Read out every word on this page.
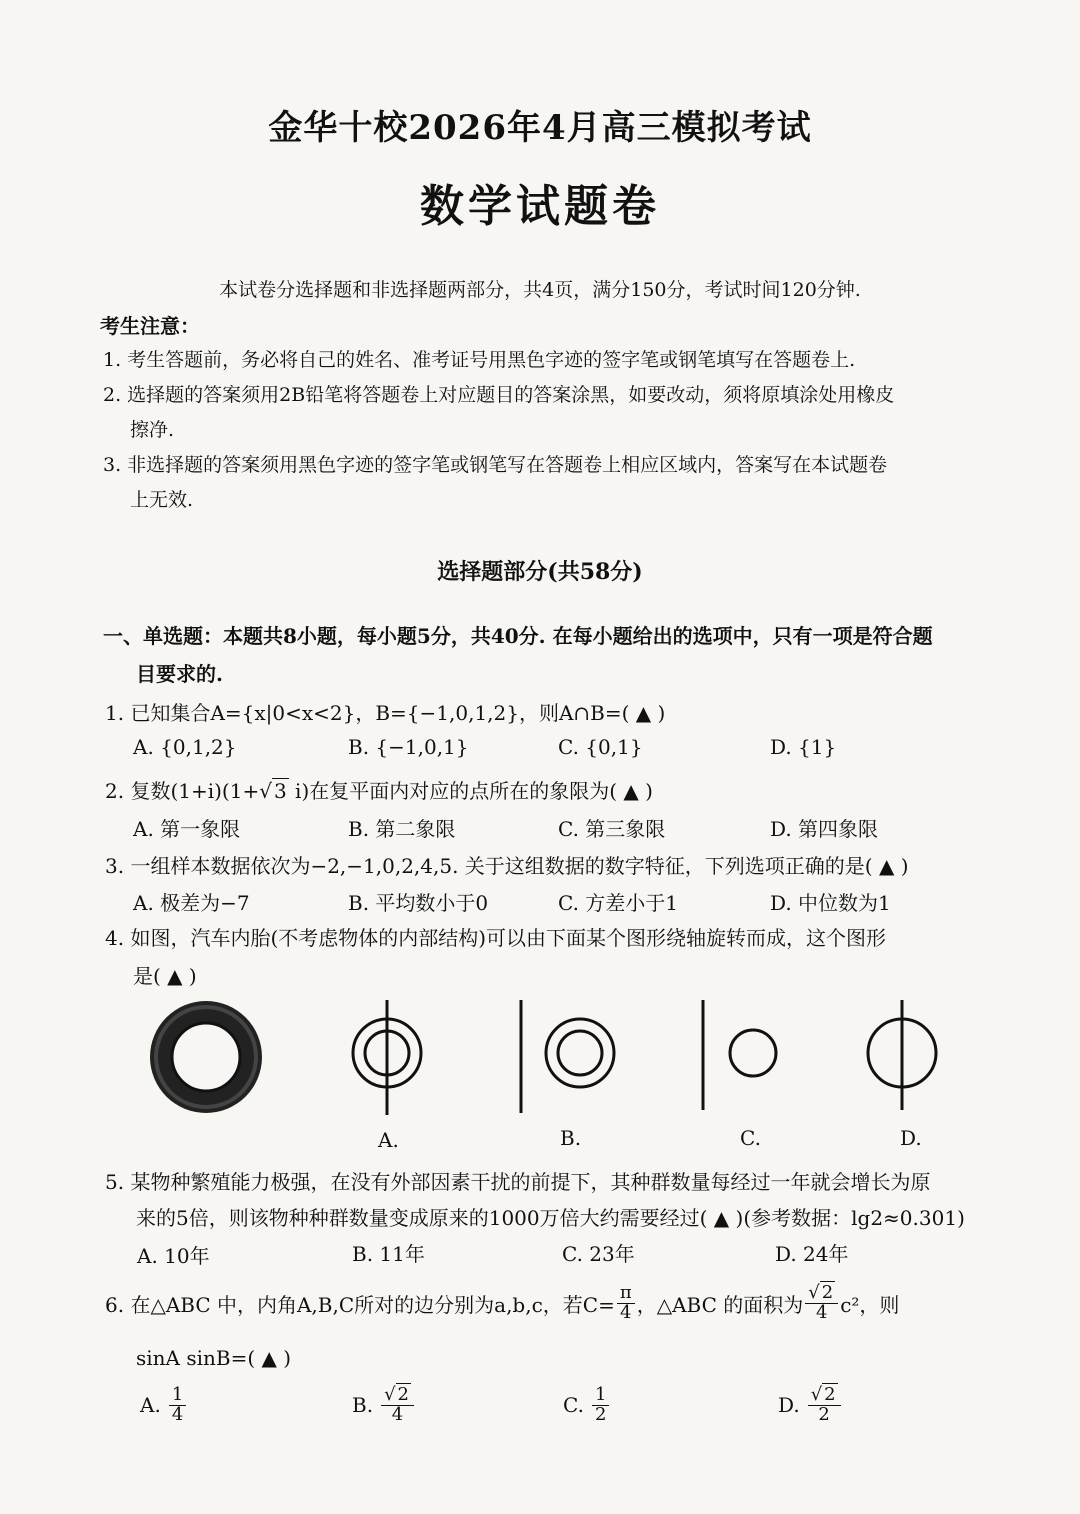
金华十校2026年4月高三模拟考试
数学试题卷
本试卷分选择题和非选择题两部分，共4页，满分150分，考试时间120分钟.
考生注意：
1. 考生答题前，务必将自己的姓名、准考证号用黑色字迹的签字笔或钢笔填写在答题卷上.
2. 选择题的答案须用2B铅笔将答题卷上对应题目的答案涂黑，如要改动，须将原填涂处用橡皮
擦净.
3. 非选择题的答案须用黑色字迹的签字笔或钢笔写在答题卷上相应区域内，答案写在本试题卷
上无效.
选择题部分(共58分)
一、单选题：本题共8小题，每小题5分，共40分. 在每小题给出的选项中，只有一项是符合题
目要求的.
1. 已知集合A={x|0<x<2}，B={−1,0,1,2}，则A∩B=( ▲ )
A. {0,1,2}	B. {−1,0,1}	C. {0,1}	D. {1}
2. 复数(1+i)(1+√ 3 i)在复平面内对应的点所在的象限为( ▲ )
A. 第一象限	B. 第二象限	C. 第三象限	D. 第四象限
3. 一组样本数据依次为−2,−1,0,2,4,5. 关于这组数据的数字特征，下列选项正确的是( ▲ )
A. 极差为−7	B. 平均数小于0	C. 方差小于1	D. 中位数为1
4. 如图，汽车内胎(不考虑物体的内部结构)可以由下面某个图形绕轴旋转而成，这个图形
是( ▲ )
A.	B.	C.	D.
5. 某物种繁殖能力极强，在没有外部因素干扰的前提下，其种群数量每经过一年就会增长为原
来的5倍，则该物种种群数量变成原来的1000万倍大约需要经过( ▲ )(参考数据：lg2≈0.301)
A. 10年	B. 11年	C. 23年	D. 24年
6. 在△ABC 中，内角A,B,C所对的边分别为a,b,c，若$C= \frac{\pi}{4}$ ，△ABC 的面积为 $\frac{√ 2}{4} c^2$，则
sinA sinB=( ▲ )
A. $\frac{1}{4}$	B. $\frac{√ 2}{4}$	C. $\frac{1}{2}$	D. $\frac{√ 2}{2}$
